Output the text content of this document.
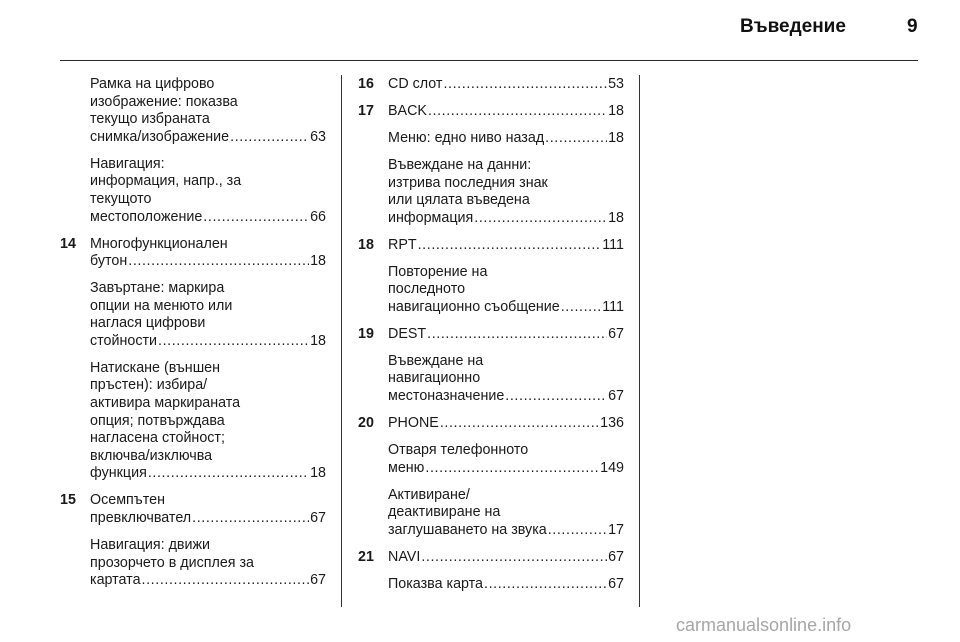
Въведение	9
Рамка на цифрово
изображение: показва
текущо избраната
снимка/изображение .....	63
Навигация:
информация, напр., за
текущото
местоположение .....	66
14 Многофункционален
бутон .....	18
Завъртане: маркира
опции на менюто или
наглася цифрови
стойности .....	18
Натискане (външен
пръстен): избира/
активира маркираната
опция; потвърждава
нагласена стойност;
включва/изключва
функция .....	18
15 Осемпътен
превключвател .....	67
Навигация: движи
прозорчето в дисплея за
картата .....	67
16 CD слот .....	53
17 BACK .....	18
Меню: едно ниво назад .....	18
Въвеждане на данни:
изтрива последния знак
или цялата въведена
информация .....	18
18 RPT .....	111
Повторение на
последното
навигационно съобщение .....	111
19 DEST .....	67
Въвеждане на
навигационно
местоназначение .....	67
20 PHONE .....	136
Отваря телефонното
меню .....	149
Активиране/
деактивиране на
заглушаването на звука .....	17
21 NAVI .....	67
Показва карта .....	67
carmanualsonline.info
